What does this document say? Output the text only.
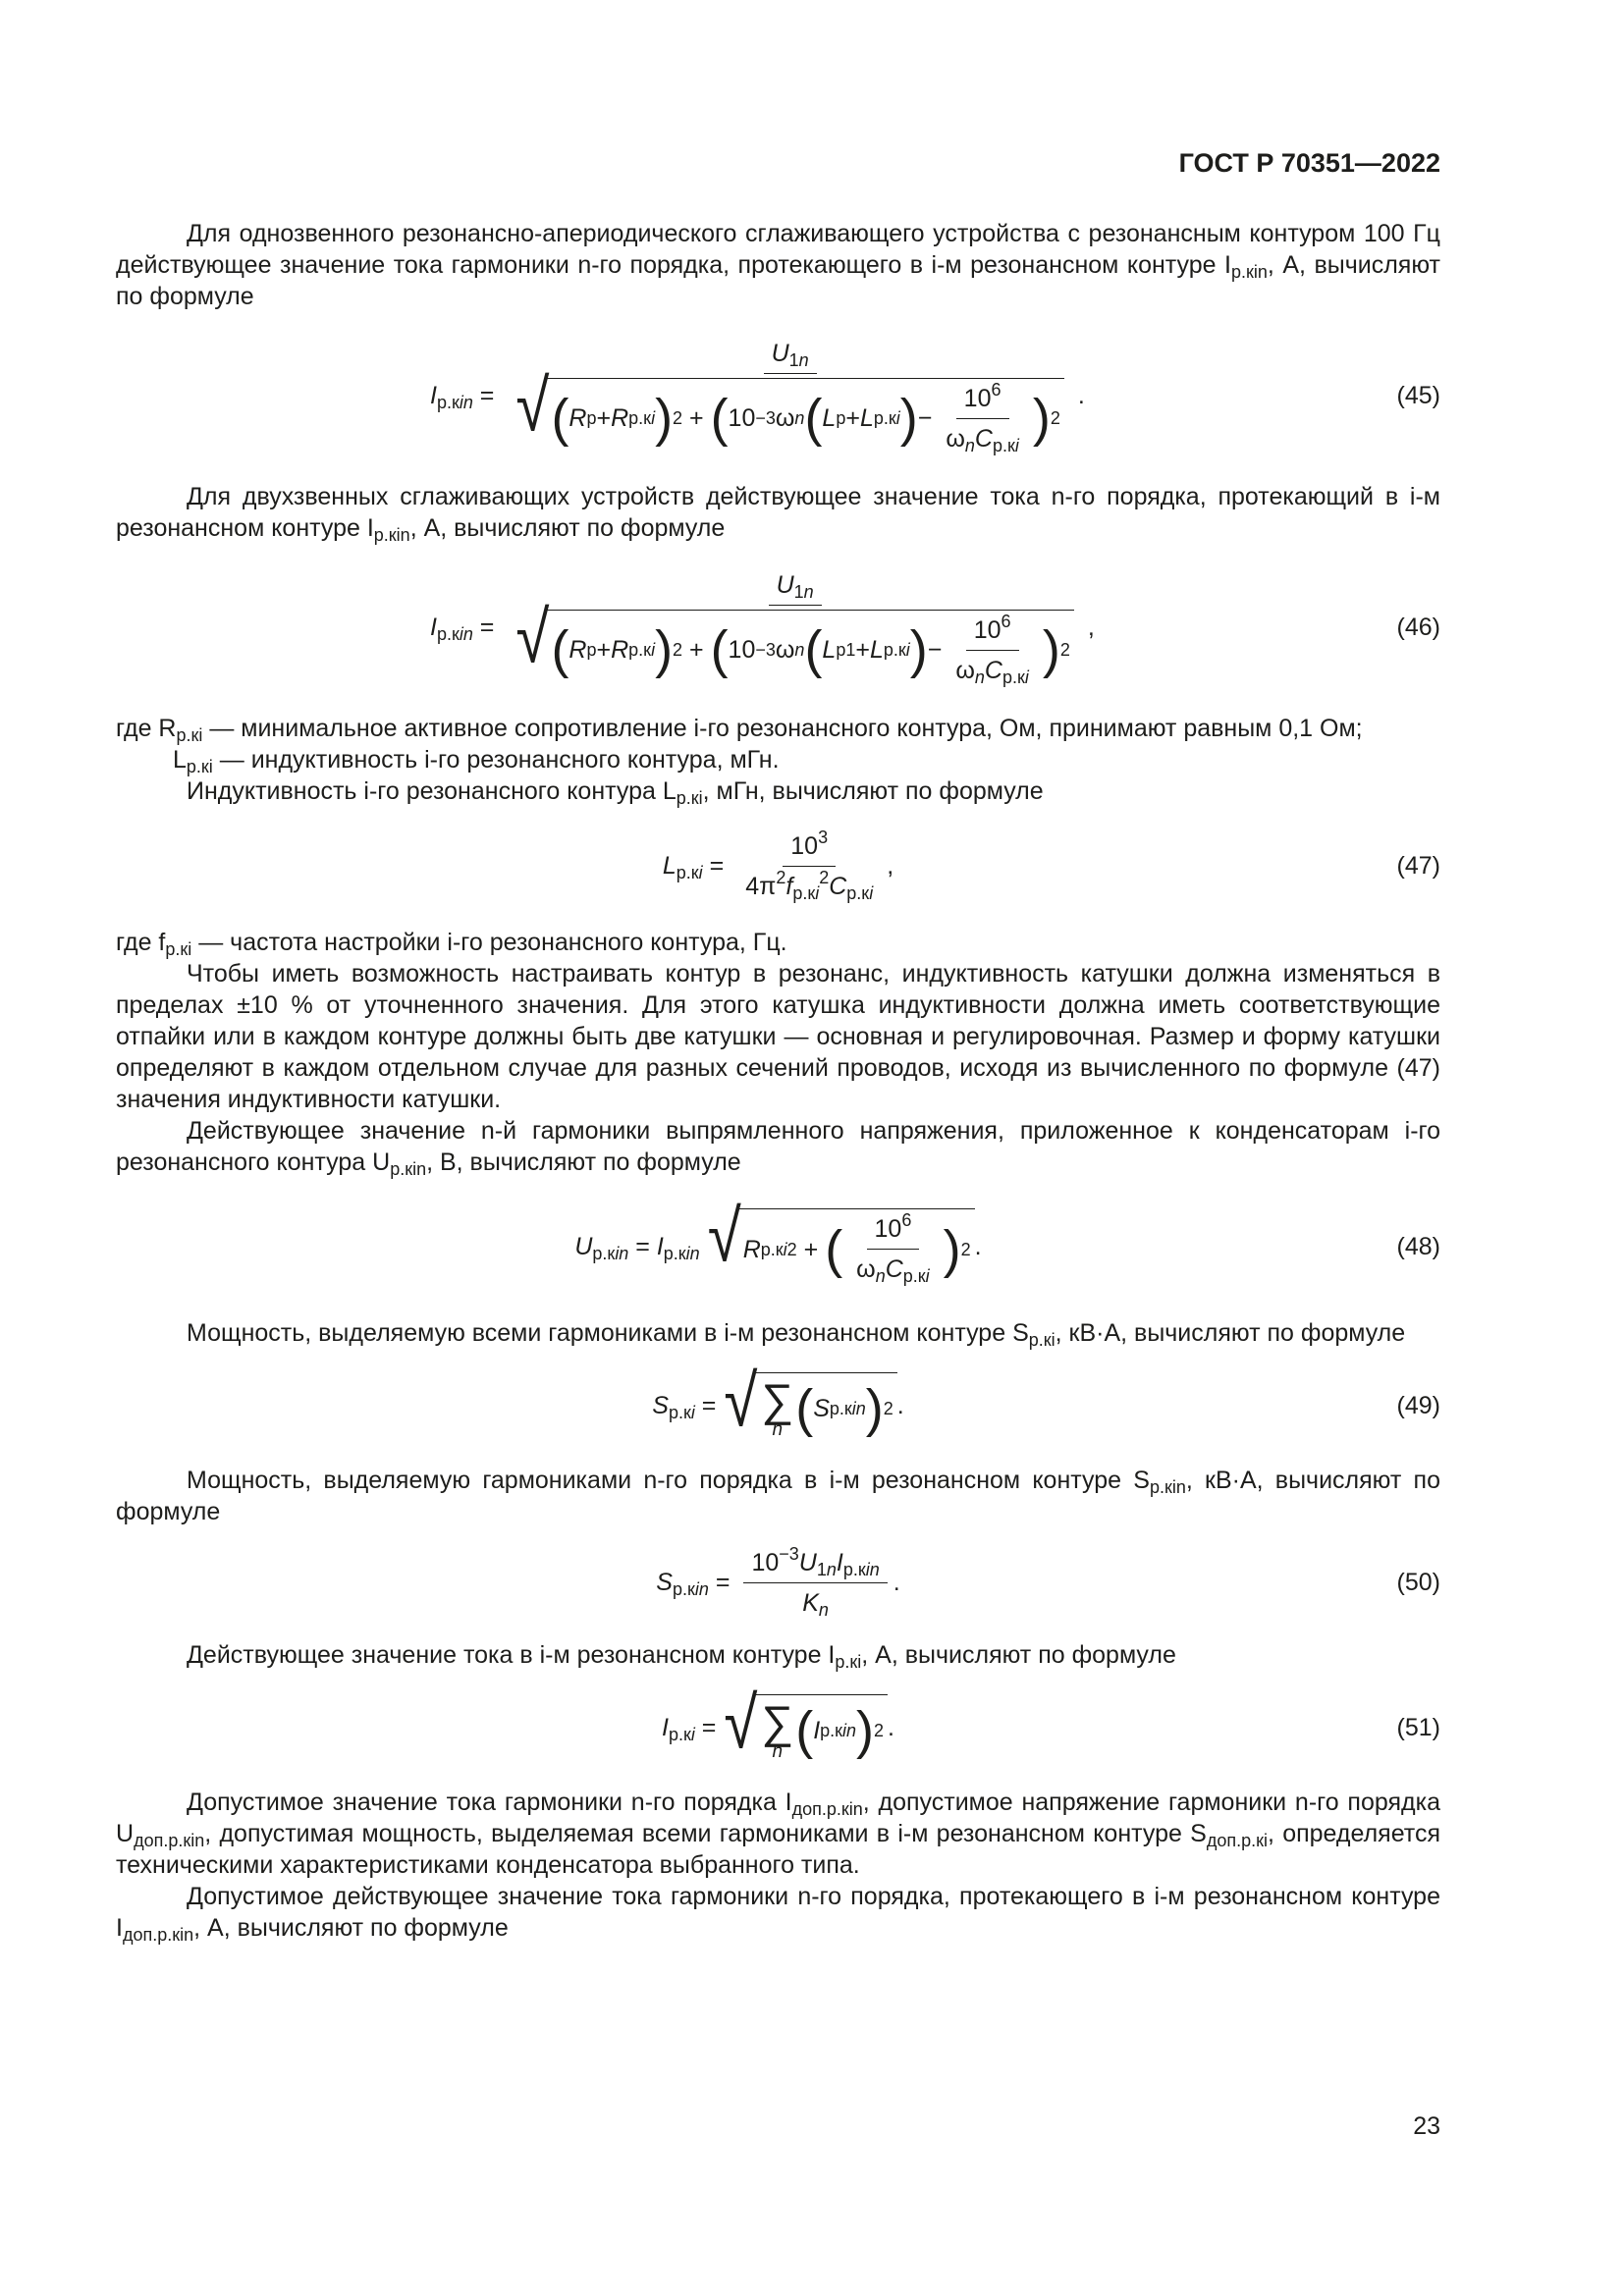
ГОСТ Р 70351—2022

Для однозвенного резонансно-апериодического сглаживающего устройства с резонансным контуром 100 Гц действующее значение тока гармоники n-го порядка, протекающего в i-м резонансном контуре $I_{р.кin}$, А, вычисляют по формуле

$I_{р.кin}$ =
$U_{1n}$
√ ( R р + R р.кi ) 2 + ( 10 −3 ω n ( L р + L р.кi ) − $\frac{10^6}{\omega_nC_{р.кi}}$ ) 2
.	(45)

Для двухзвенных сглаживающих устройств действующее значение тока n-го порядка, протекающий в i-м резонансном контуре $I_{р.кin}$, А, вычисляют по формуле

$I_{р.кin}$ =
$U_{1n}$
√ ( R р + R р.кi ) 2 + ( 10 −3 ω n ( L р1 + L р.кi ) − $\frac{10^6}{\omega_nC_{р.кi}}$ ) 2
,	(46)
где $R_{р.кi}$ — минимальное активное сопротивление i-го резонансного контура, Ом, принимают равным 0,1 Ом;
$L_{р.кi}$ — индуктивность i-го резонансного контура, мГн.

Индуктивность i-го резонансного контура $L_{р.кi}$, мГн, вычисляют по формуле

$L_{р.кi} = \frac{10^3}{4\pi^2f_{р.кi}^2C_{р.кi}}$ ,	(47)

где $f_{р.кi}$ — частота настройки i-го резонансного контура, Гц.

Чтобы иметь возможность настраивать контур в резонанс, индуктивность катушки должна изменяться в пределах ±10 % от уточненного значения. Для этого катушка индуктивности должна иметь соответствующие отпайки или в каждом контуре должны быть две катушки — основная и регулировочная. Размер и форму катушки определяют в каждом отдельном случае для разных сечений проводов, исходя из вычисленного по формуле (47) значения индуктивности катушки.

Действующее значение n-й гармоники выпрямленного напряжения, приложенное к конденсаторам i-го резонансного контура $U_{р.кin}$, В, вычисляют по формуле

$U_{р.кin} = I_{р.кin}$ √ R р.кi 2 + ( $\frac{10^6}{\omega_nC_{р.кi}}$ ) 2 .	(48)

Мощность, выделяемую всеми гармониками в i-м резонансном контуре $S_{р.кi}$, кВ·А, вычисляют по формуле

$S_{р.кi}$ = √ ∑
n ( S р.кin ) 2 .	(49)

Мощность, выделяемую гармониками n-го порядка в i-м резонансном контуре $S_{р.кin}$, кВ·А, вычисляют по формуле

$S_{р.кin} = \frac{10^{-3}U_{1n}I_{р.кin}}{K_n}$ .	(50)

Действующее значение тока в i-м резонансном контуре $I_{р.кi}$, А, вычисляют по формуле

$I_{р.кi}$ = √ ∑
n ( I р.кin ) 2 .	(51)

Допустимое значение тока гармоники n-го порядка $I_{доп.р.кin}$, допустимое напряжение гармоники n-го порядка $U_{доп.р.кin}$, допустимая мощность, выделяемая всеми гармониками в i-м резонансном контуре $S_{доп.р.кi}$, определяется техническими характеристиками конденсатора выбранного типа.

Допустимое действующее значение тока гармоники n-го порядка, протекающего в i-м резонансном контуре $I_{доп.р.кin}$, А, вычисляют по формуле

23
